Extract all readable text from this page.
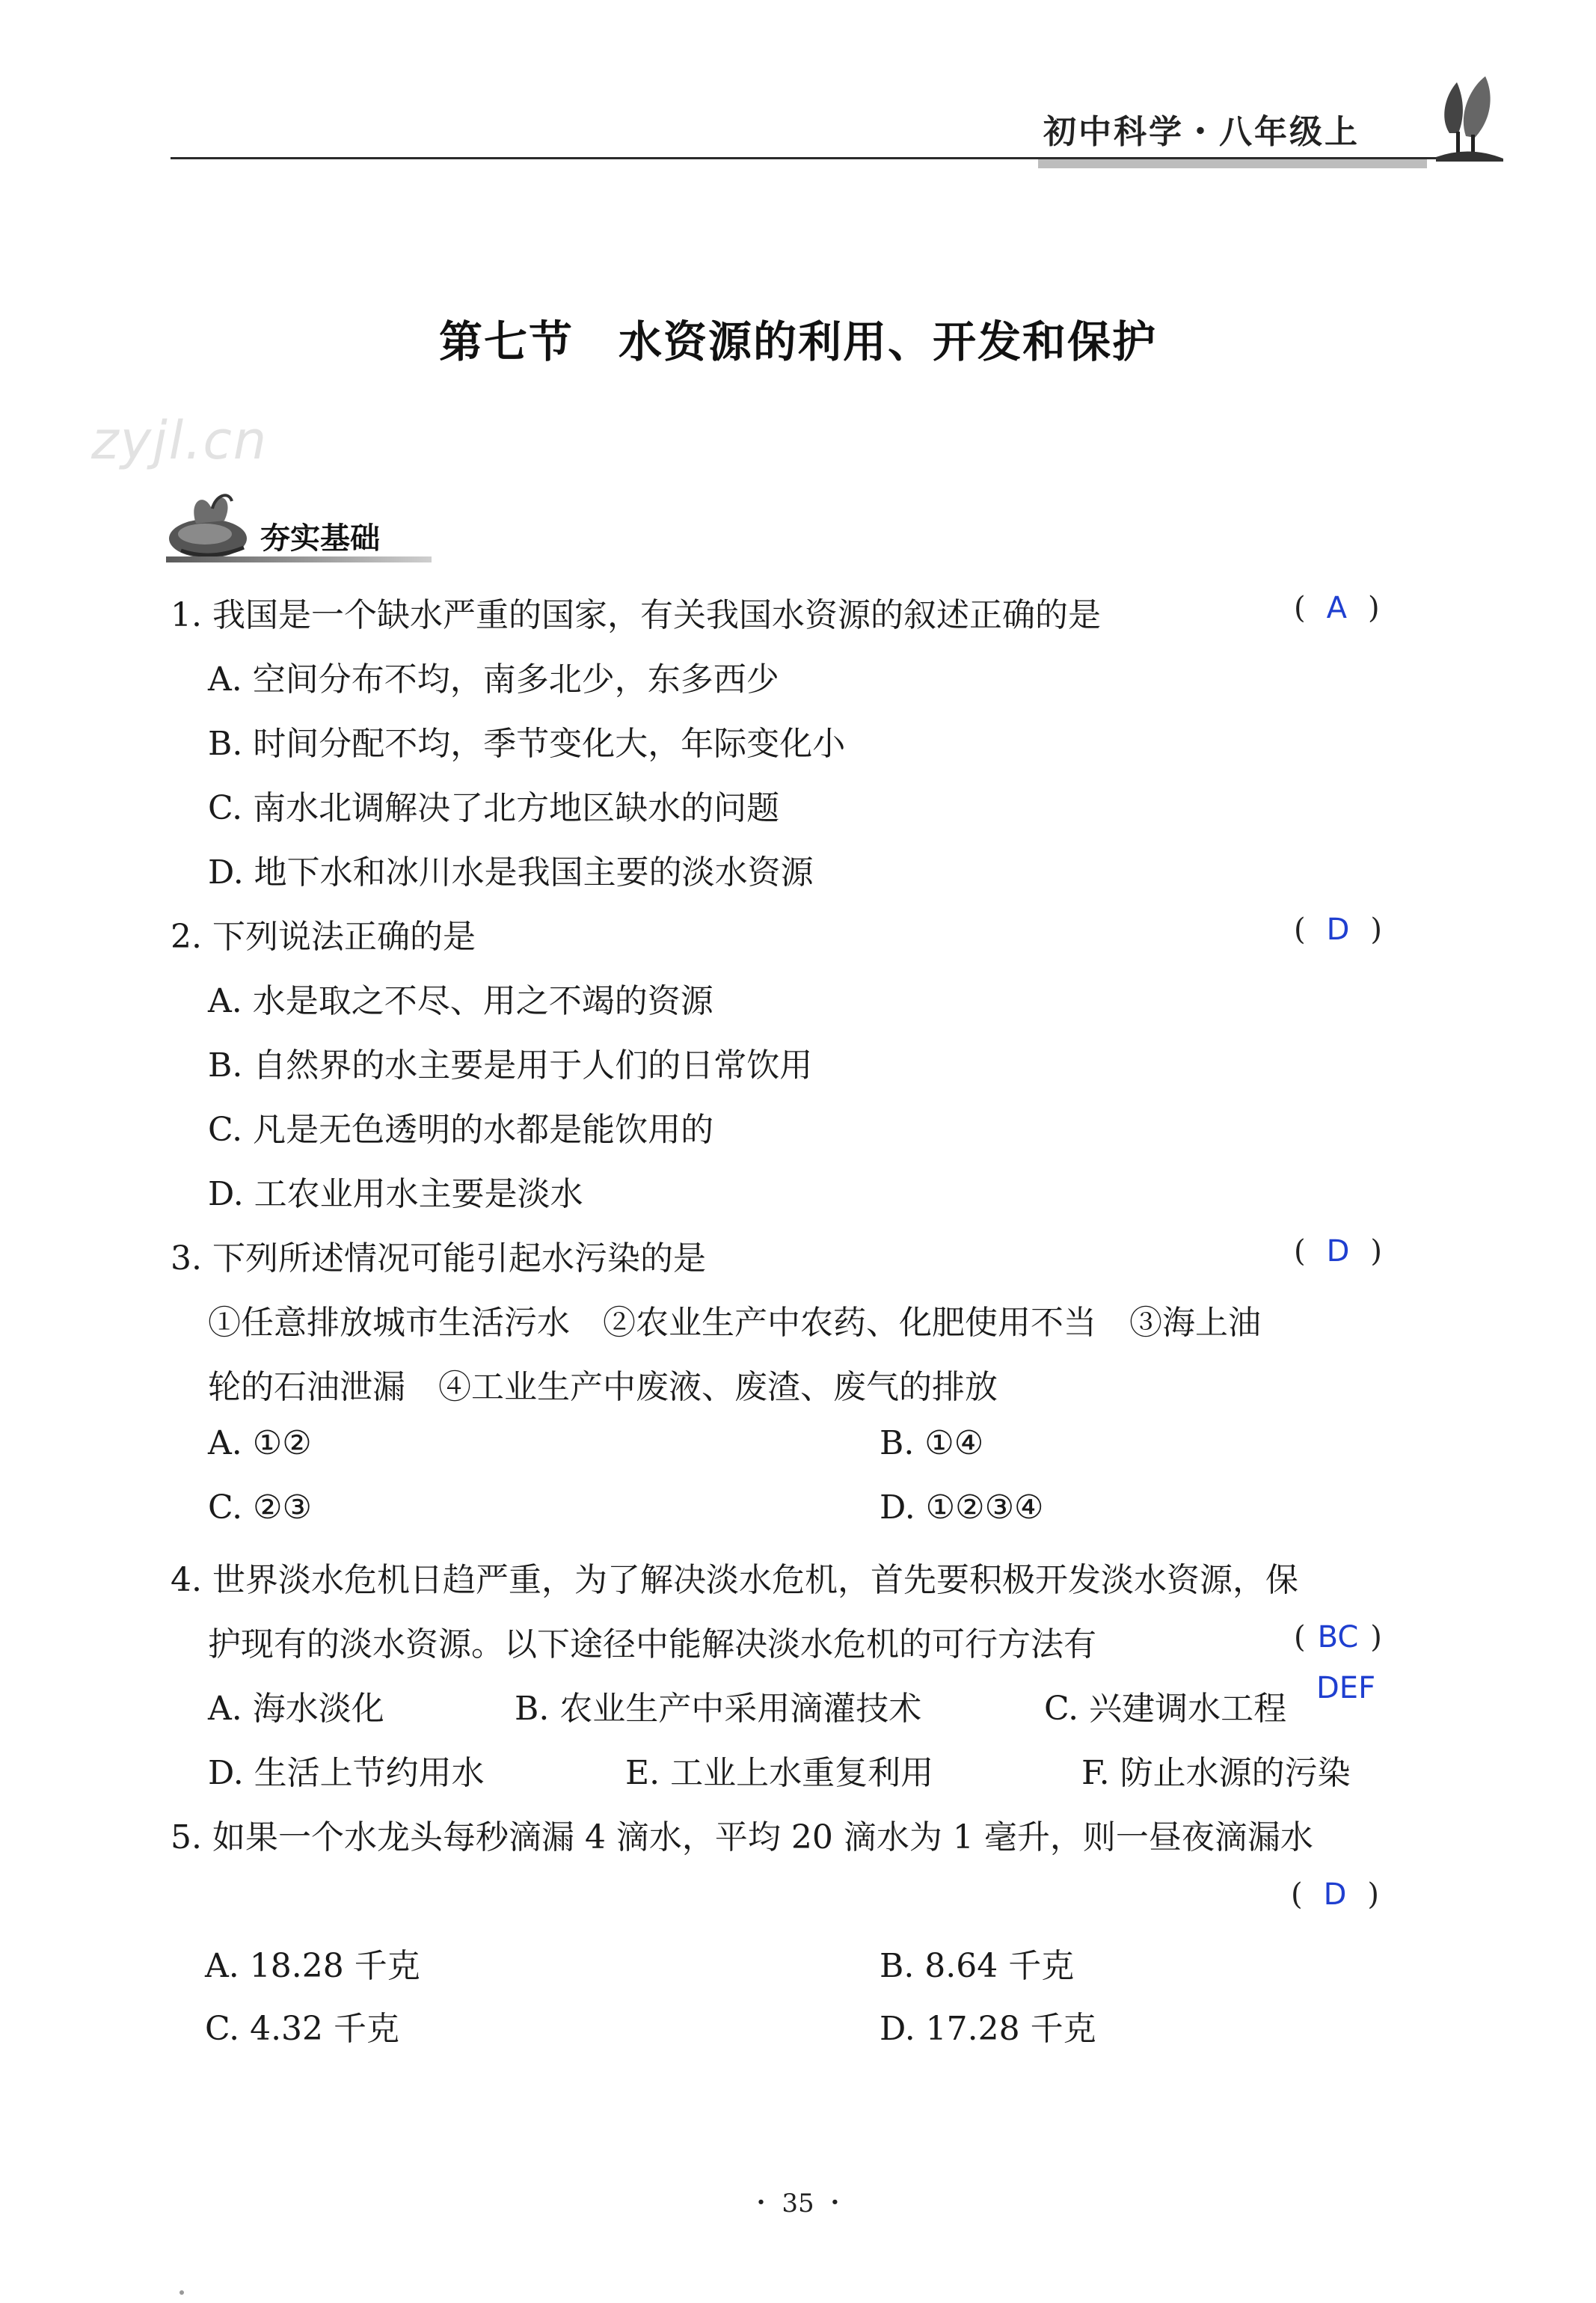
初中科学・八年级上
zyjl.cn
第七节　水资源的利用、开发和保护
夯实基础
1. 我国是一个缺水严重的国家，有关我国水资源的叙述正确的是	( A )
A. 空间分布不均，南多北少，东多西少
B. 时间分配不均，季节变化大，年际变化小
C. 南水北调解决了北方地区缺水的问题
D. 地下水和冰川水是我国主要的淡水资源
2. 下列说法正确的是	( D )
A. 水是取之不尽、用之不竭的资源
B. 自然界的水主要是用于人们的日常饮用
C. 凡是无色透明的水都是能饮用的
D. 工农业用水主要是淡水
3. 下列所述情况可能引起水污染的是	( D )
①任意排放城市生活污水　②农业生产中农药、化肥使用不当　③海上油
轮的石油泄漏　④工业生产中废液、废渣、废气的排放
A. ①②	B. ①④
C. ②③	D. ①②③④
4. 世界淡水危机日趋严重，为了解决淡水危机，首先要积极开发淡水资源，保
护现有的淡水资源。以下途径中能解决淡水危机的可行方法有	( BC )
DEF
A. 海水淡化	B. 农业生产中采用滴灌技术	C. 兴建调水工程
D. 生活上节约用水	E. 工业上水重复利用	F. 防止水源的污染
5. 如果一个水龙头每秒滴漏 4 滴水，平均 20 滴水为 1 毫升，则一昼夜滴漏水
( D )
A. 18.28 千克	B. 8.64 千克
C. 4.32 千克	D. 17.28 千克
・ 35 ・
